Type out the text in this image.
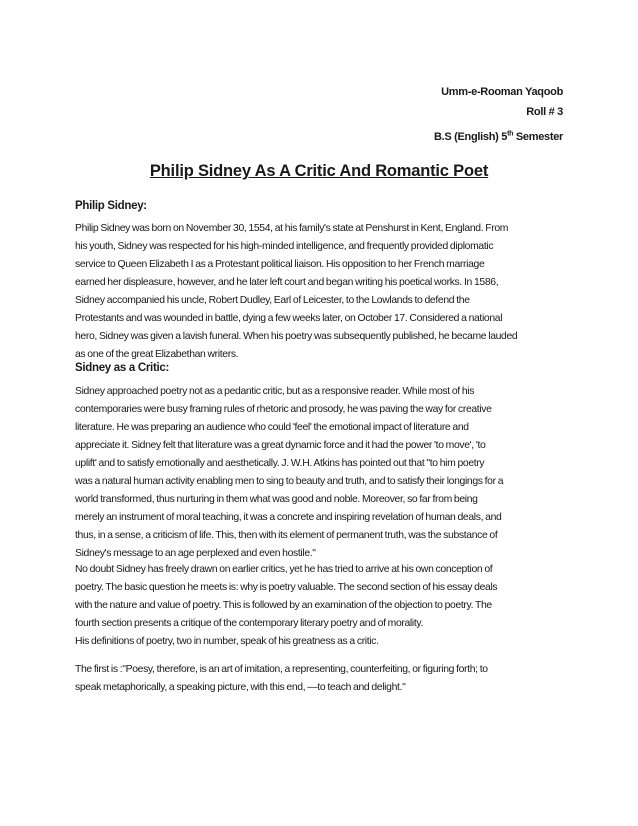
Umm-e-Rooman Yaqoob
Roll # 3
B.S (English) 5th Semester
Philip Sidney As A Critic And Romantic Poet
Philip Sidney:
Philip Sidney was born on November 30, 1554, at his family's state at Penshurst in Kent, England. From
his youth, Sidney was respected for his high-minded intelligence, and frequently provided diplomatic
service to Queen Elizabeth I as a Protestant political liaison. His opposition to her French marriage
earned her displeasure, however, and he later left court and began writing his poetical works. In 1586,
Sidney accompanied his uncle, Robert Dudley, Earl of Leicester, to the Lowlands to defend the
Protestants and was wounded in battle, dying a few weeks later, on October 17. Considered a national
hero, Sidney was given a lavish funeral. When his poetry was subsequently published, he became lauded
as one of the great Elizabethan writers.
Sidney as a Critic:
Sidney approached poetry not as a pedantic critic, but as a responsive reader. While most of his
contemporaries were busy framing rules of rhetoric and prosody, he was paving the way for creative
literature. He was preparing an audience who could 'feel' the emotional impact of literature and
appreciate it. Sidney felt that literature was a great dynamic force and it had the power 'to move', 'to
uplift' and to satisfy emotionally and aesthetically. J. W.H. Atkins has pointed out that "to him poetry
was a natural human activity enabling men to sing to beauty and truth, and to satisfy their longings for a
world transformed, thus nurturing in them what was good and noble. Moreover, so far from being
merely an instrument of moral teaching, it was a concrete and inspiring revelation of human deals, and
thus, in a sense, a criticism of life. This, then with its element of permanent truth, was the substance of
Sidney's message to an age perplexed and even hostile."
No doubt Sidney has freely drawn on earlier critics, yet he has tried to arrive at his own conception of
poetry. The basic question he meets is: why is poetry valuable. The second section of his essay deals
with the nature and value of poetry. This is followed by an examination of the objection to poetry. The
fourth section presents a critique of the contemporary literary poetry and of morality.
His definitions of poetry, two in number, speak of his greatness as a critic.
The first is :"Poesy, therefore, is an art of imitation, a representing, counterfeiting, or figuring forth; to
speak metaphorically, a speaking picture, with this end, —to teach and delight."
